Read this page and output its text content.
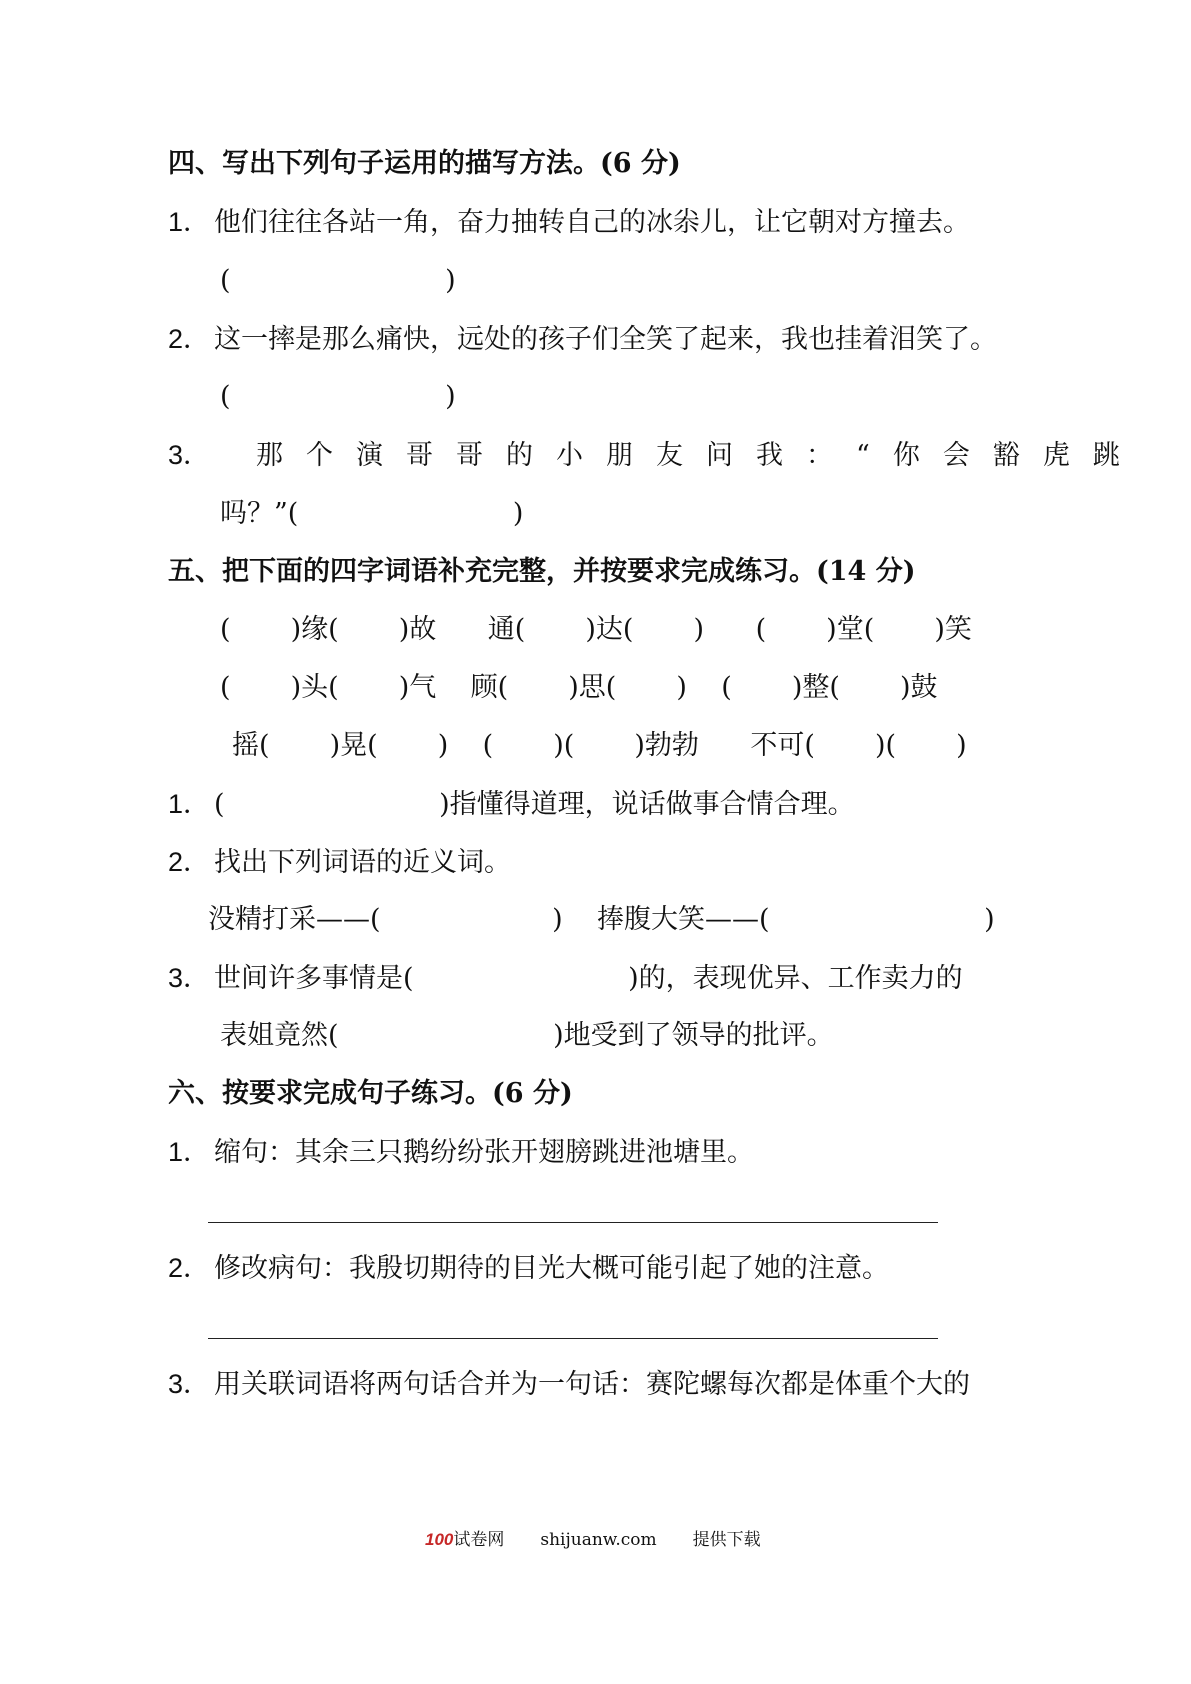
四、写出下列句子运用的描写方法。(6 分)
1． 他们往往各站一角，奋力抽转自己的冰尜儿，让它朝对方撞去。
(                         )
2． 这一摔是那么痛快，远处的孩子们全笑了起来，我也挂着泪笑了。
(                         )
3． 那个演哥哥的小朋友问我：“你会豁虎跳
吗？”(                         )
五、把下面的四字词语补充完整，并按要求完成练习。(14 分)
(       )缘(       )故      通(       )达(       )      (       )堂(       )笑
(       )头(       )气    顾(       )思(       )    (       )整(       )鼓
摇(       )晃(       )    (       )(       )勃勃      不可(       )(       )
1． (                         )指懂得道理，说话做事合情合理。
2． 找出下列词语的近义词。
没精打采——(                    )    捧腹大笑——(                         )
3． 世间许多事情是(                         )的，表现优异、工作卖力的
表姐竟然(                         )地受到了领导的批评。
六、按要求完成句子练习。(6 分)
1． 缩句：其余三只鹅纷纷张开翅膀跳进池塘里。
2． 修改病句：我殷切期待的目光大概可能引起了她的注意。
3． 用关联词语将两句话合并为一句话：赛陀螺每次都是体重个大的
100试卷网 shijuanw.com 提供下载
